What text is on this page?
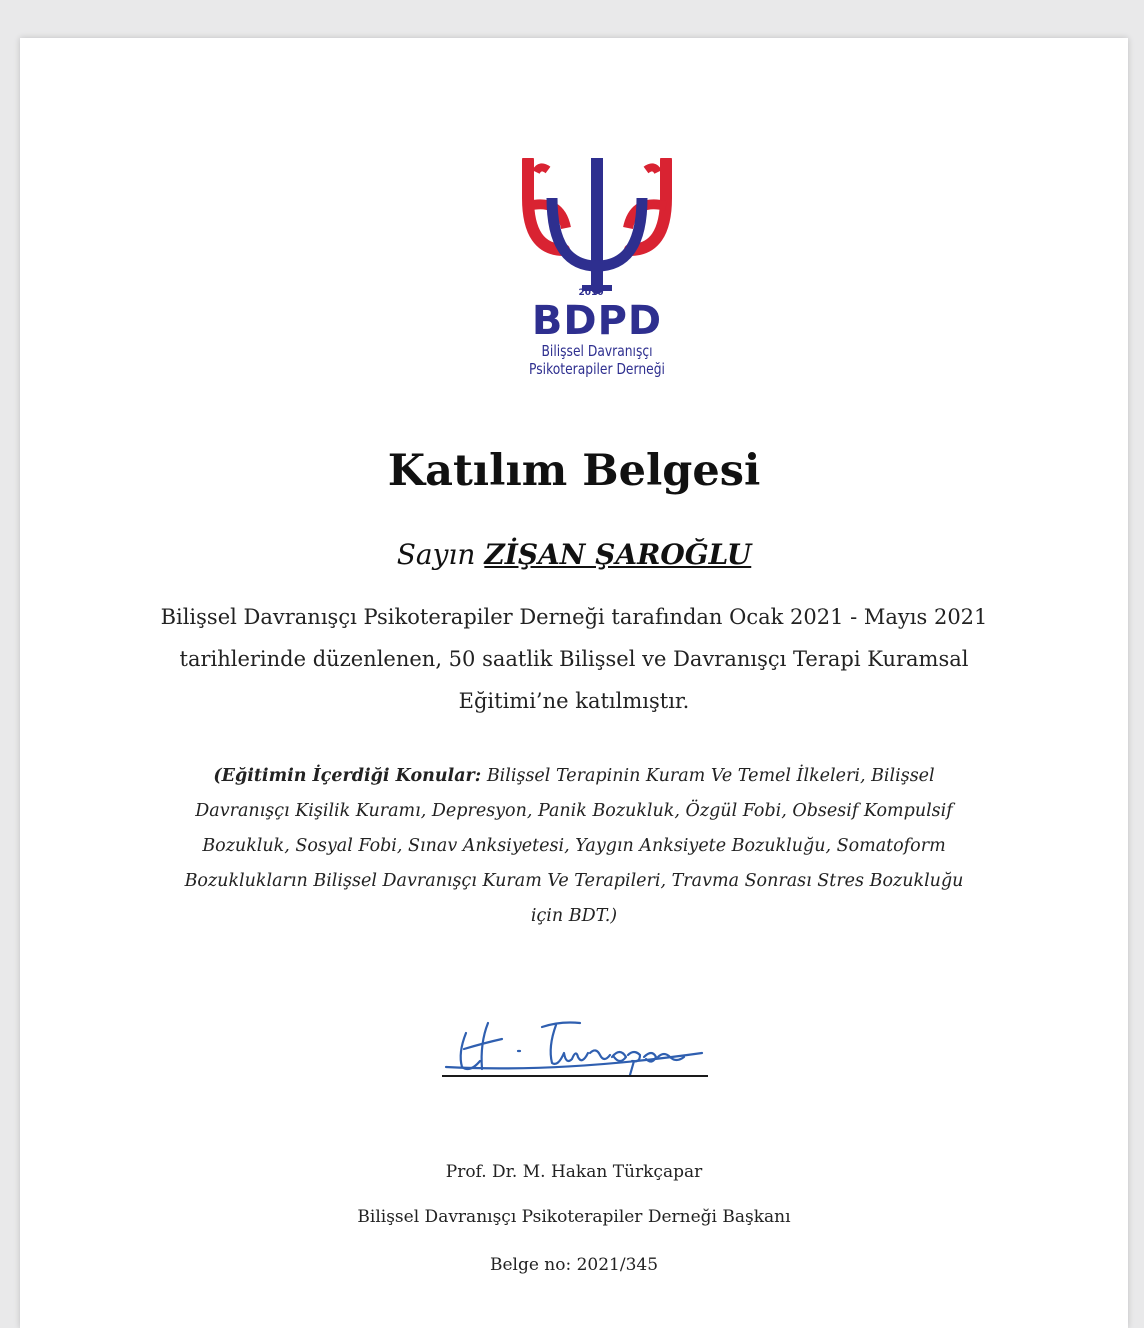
2010
BDPD
Bilişsel Davranışçı
Psikoterapiler Derneği
Katılım Belgesi
Sayın ZİŞAN ŞAROĞLU
Bilişsel Davranışçı Psikoterapiler Derneği tarafından Ocak 2021 - Mayıs 2021 tarihlerinde düzenlenen, 50 saatlik Bilişsel ve Davranışçı Terapi Kuramsal Eğitimi’ne katılmıştır.
(Eğitimin İçerdiği Konular: Bilişsel Terapinin Kuram Ve Temel İlkeleri, Bilişsel Davranışçı Kişilik Kuramı, Depresyon, Panik Bozukluk, Özgül Fobi, Obsesif Kompulsif Bozukluk, Sosyal Fobi, Sınav Anksiyetesi, Yaygın Anksiyete Bozukluğu, Somatoform Bozuklukların Bilişsel Davranışçı Kuram Ve Terapileri, Travma Sonrası Stres Bozukluğu için BDT.)
Prof. Dr. M. Hakan Türkçapar
Bilişsel Davranışçı Psikoterapiler Derneği Başkanı
Belge no: 2021/345
